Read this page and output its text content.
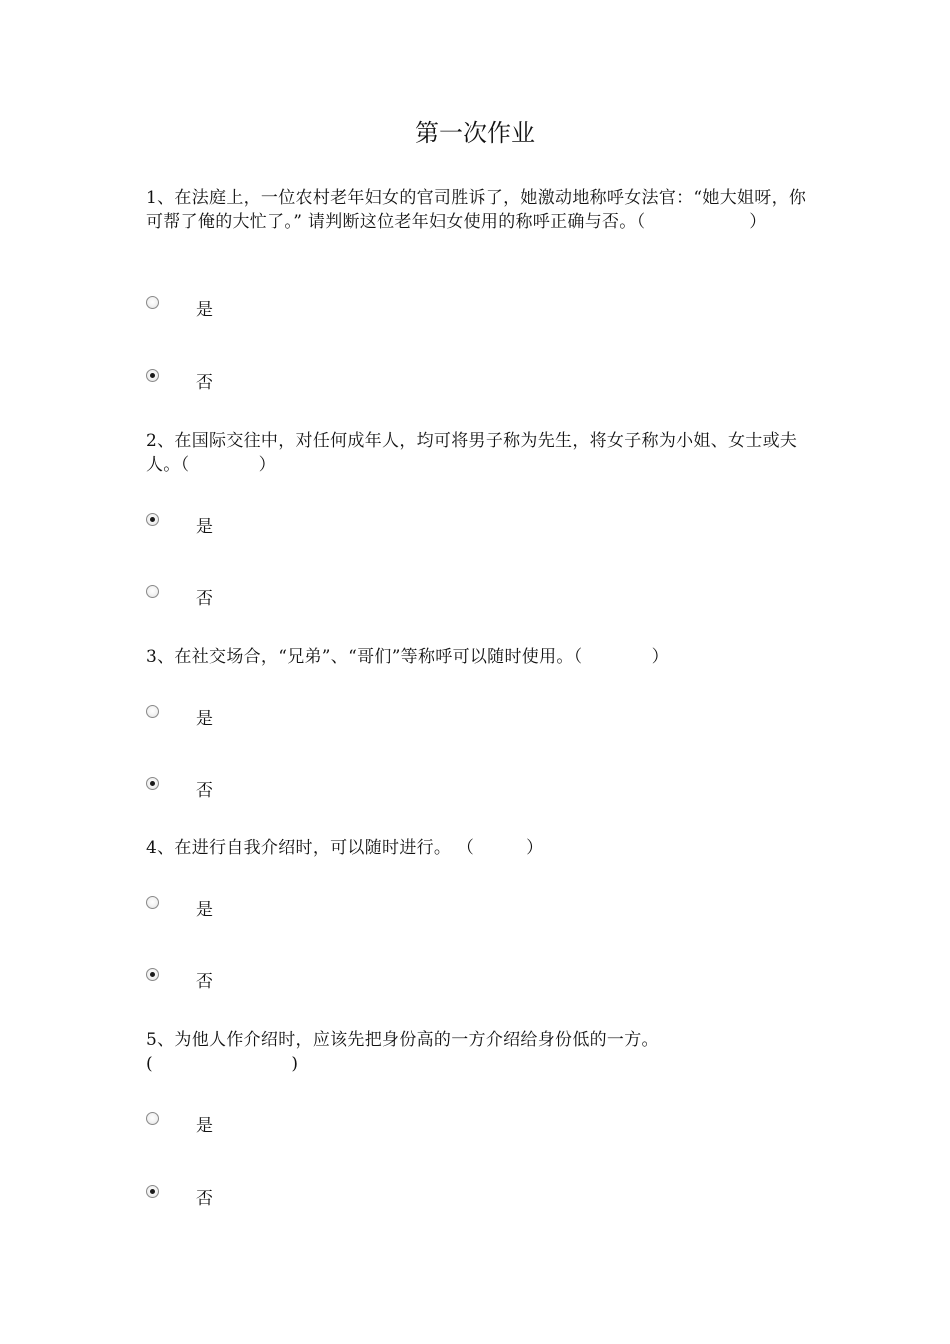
第一次作业
1、在法庭上，一位农村老年妇女的官司胜诉了，她激动地称呼女法官：“她大姐呀，你可帮了俺的大忙了。” 请判断这位老年妇女使用的称呼正确与否。（　　　　　　）
是
否
2、在国际交往中，对任何成年人，均可将男子称为先生，将女子称为小姐、女士或夫人。（　　　　）
是
否
3、在社交场合，“兄弟”、“哥们”等称呼可以随时使用。（　　　　）
是
否
4、在进行自我介绍时，可以随时进行。 （　　　）
是
否
5、为他人作介绍时，应该先把身份高的一方介绍给身份低的一方。(　　　　　　　　)
是
否
